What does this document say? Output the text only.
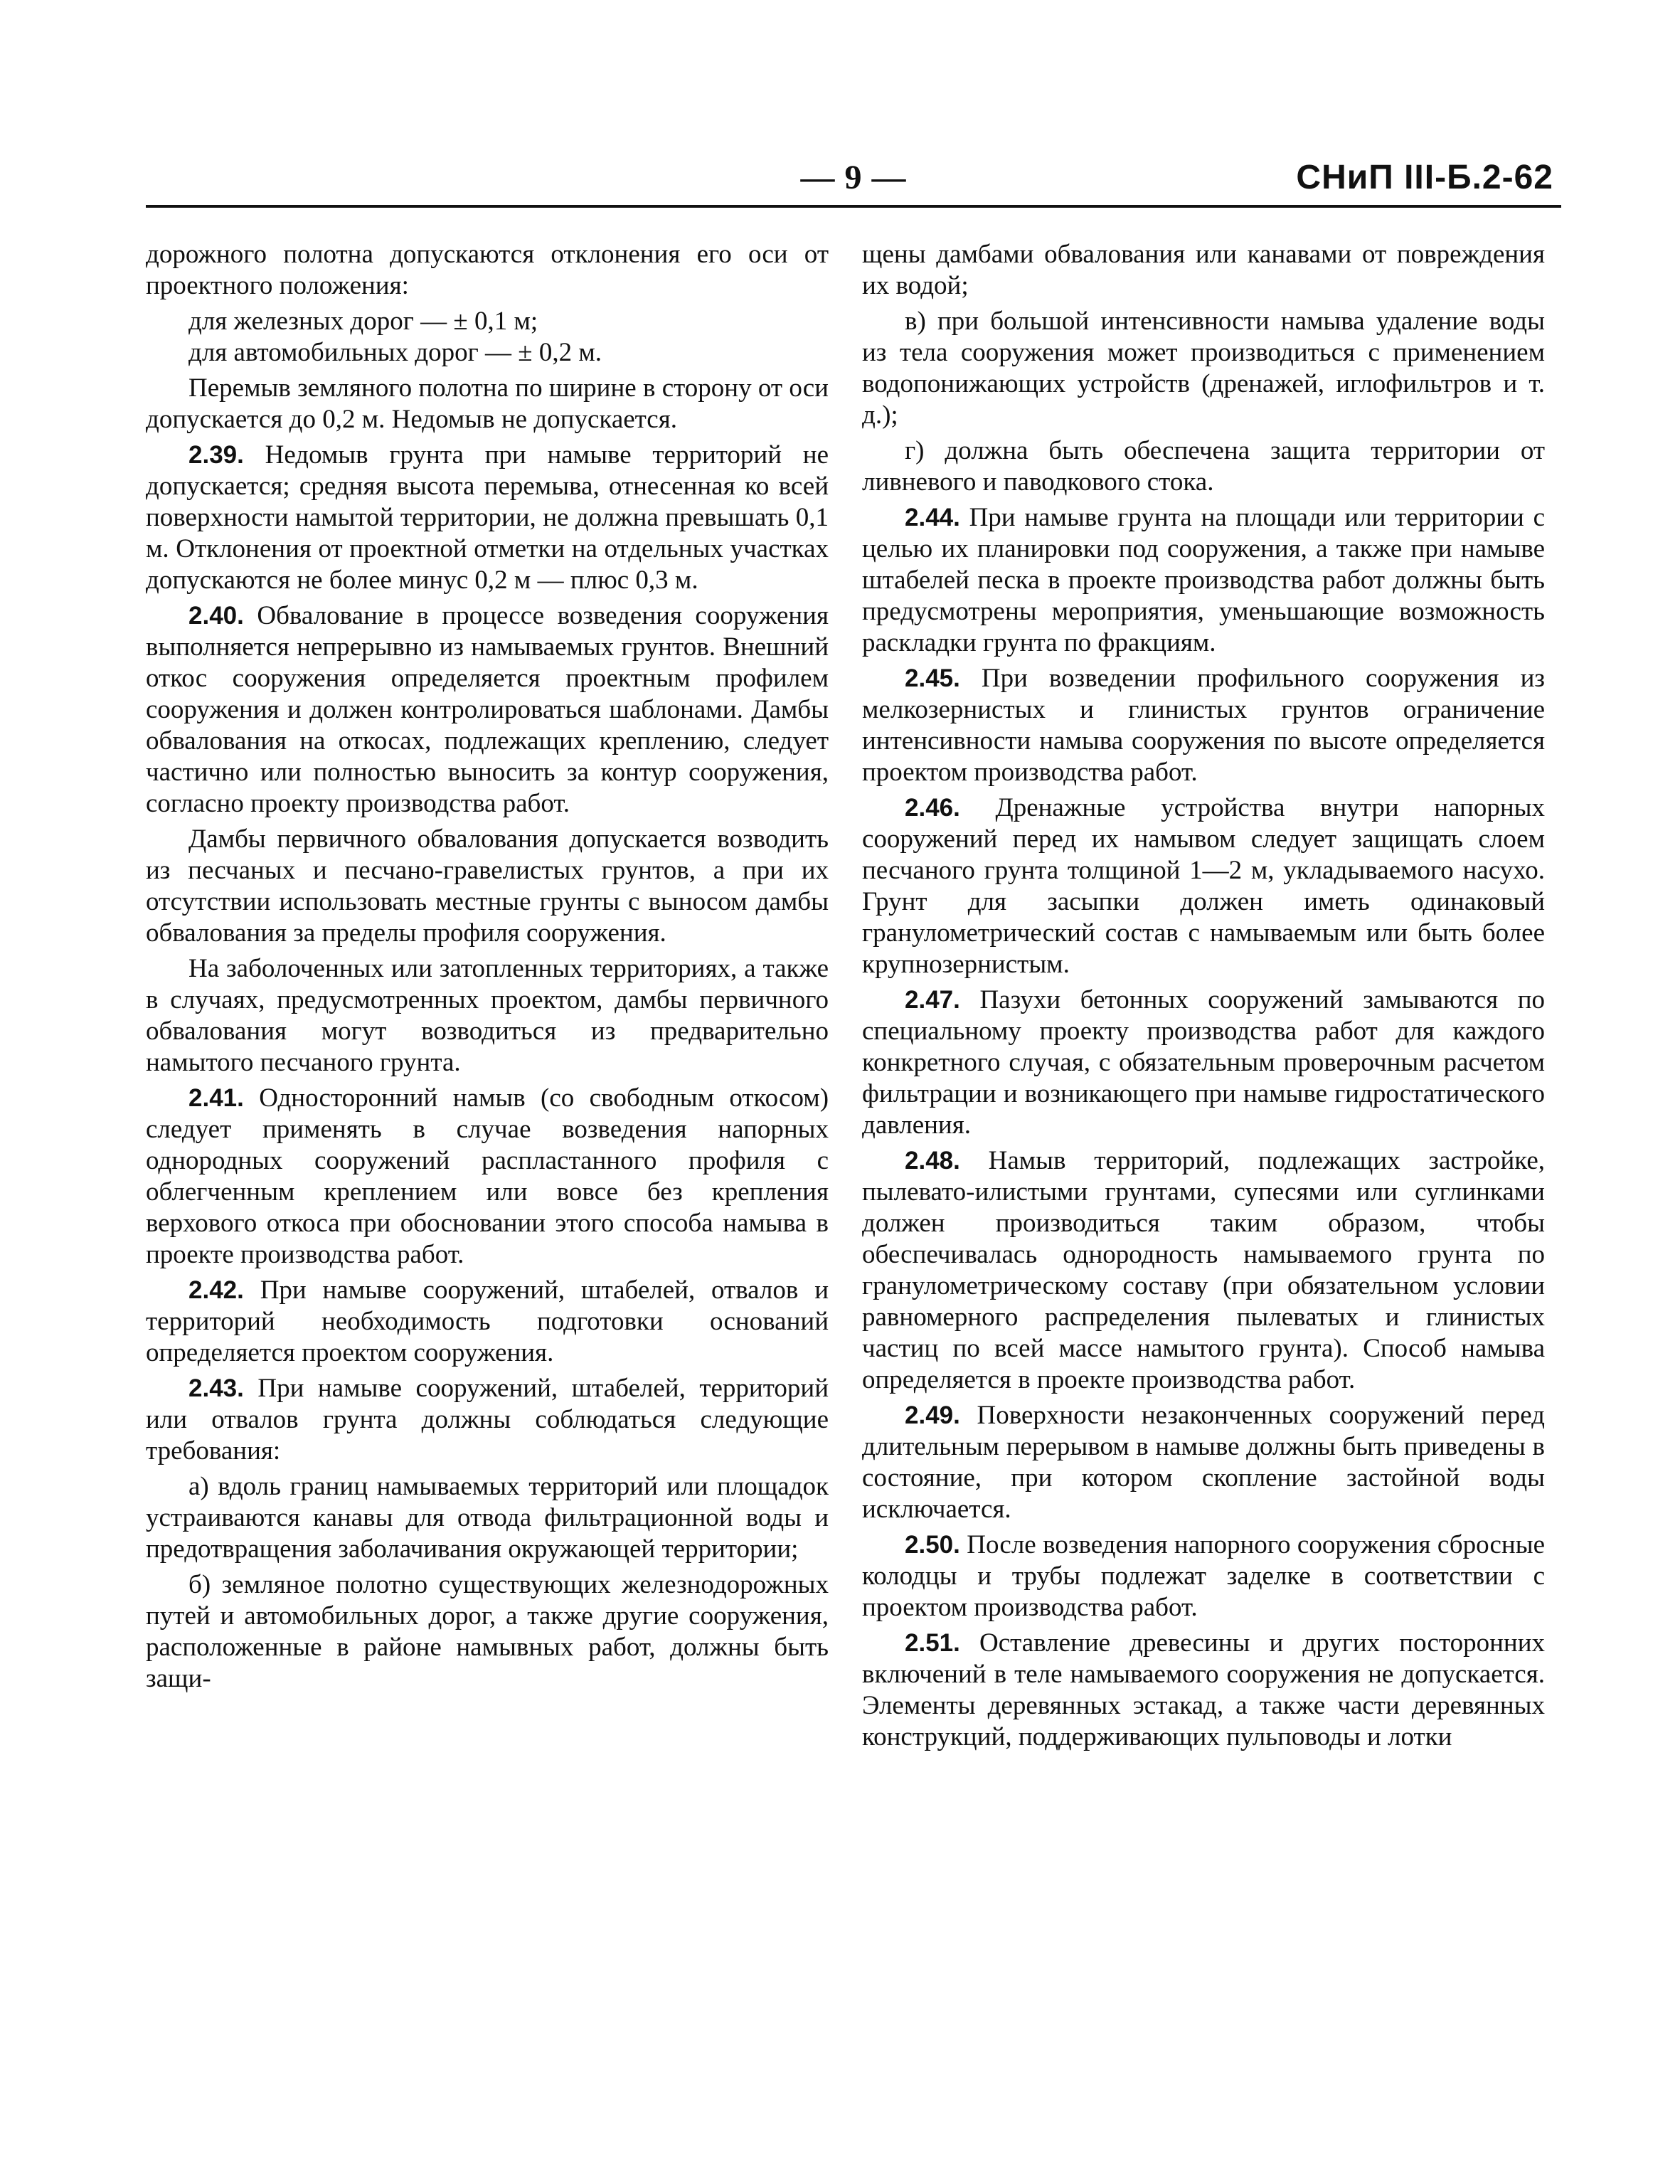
— 9 —	СНиП III-Б.2-62

дорожного полотна допускаются отклонения его оси от проектного положения:

для железных дорог — ± 0,1 м;

для автомобильных дорог — ± 0,2 м.

Перемыв земляного полотна по ширине в сторону от оси допускается до 0,2 м. Недомыв не допускается.

2.39. Недомыв грунта при намыве территорий не допускается; средняя высота перемыва, отнесенная ко всей поверхности намытой территории, не должна превышать 0,1 м. Отклонения от проектной отметки на отдельных участках допускаются не более минус 0,2 м — плюс 0,3 м.

2.40. Обвалование в процессе возведения сооружения выполняется непрерывно из намываемых грунтов. Внешний откос сооружения определяется проектным профилем сооружения и должен контролироваться шаблонами. Дамбы обвалования на откосах, подлежащих креплению, следует частично или полностью выносить за контур сооружения, согласно проекту производства работ.

Дамбы первичного обвалования допускается возводить из песчаных и песчано-гравелистых грунтов, а при их отсутствии использовать местные грунты с выносом дамбы обвалования за пределы профиля сооружения.

На заболоченных или затопленных территориях, а также в случаях, предусмотренных проектом, дамбы первичного обвалования могут возводиться из предварительно намытого песчаного грунта.

2.41. Односторонний намыв (со свободным откосом) следует применять в случае возведения напорных однородных сооружений распластанного профиля с облегченным креплением или вовсе без крепления верхового откоса при обосновании этого способа намыва в проекте производства работ.

2.42. При намыве сооружений, штабелей, отвалов и территорий необходимость подготовки оснований определяется проектом сооружения.

2.43. При намыве сооружений, штабелей, территорий или отвалов грунта должны соблюдаться следующие требования:

а) вдоль границ намываемых территорий или площадок устраиваются канавы для отвода фильтрационной воды и предотвращения заболачивания окружающей территории;

б) земляное полотно существующих железнодорожных путей и автомобильных дорог, а также другие сооружения, расположенные в районе намывных работ, должны быть защи-

щены дамбами обвалования или канавами от повреждения их водой;

в) при большой интенсивности намыва удаление воды из тела сооружения может производиться с применением водопонижающих устройств (дренажей, иглофильтров и т. д.);

г) должна быть обеспечена защита территории от ливневого и паводкового стока.

2.44. При намыве грунта на площади или территории с целью их планировки под сооружения, а также при намыве штабелей песка в проекте производства работ должны быть предусмотрены мероприятия, уменьшающие возможность раскладки грунта по фракциям.

2.45. При возведении профильного сооружения из мелкозернистых и глинистых грунтов ограничение интенсивности намыва сооружения по высоте определяется проектом производства работ.

2.46. Дренажные устройства внутри напорных сооружений перед их намывом следует защищать слоем песчаного грунта толщиной 1—2 м, укладываемого насухо. Грунт для засыпки должен иметь одинаковый гранулометрический состав с намываемым или быть более крупнозернистым.

2.47. Пазухи бетонных сооружений замываются по специальному проекту производства работ для каждого конкретного случая, с обязательным проверочным расчетом фильтрации и возникающего при намыве гидростатического давления.

2.48. Намыв территорий, подлежащих застройке, пылевато-илистыми грунтами, супесями или суглинками должен производиться таким образом, чтобы обеспечивалась однородность намываемого грунта по гранулометрическому составу (при обязательном условии равномерного распределения пылеватых и глинистых частиц по всей массе намытого грунта). Способ намыва определяется в проекте производства работ.

2.49. Поверхности незаконченных сооружений перед длительным перерывом в намыве должны быть приведены в состояние, при котором скопление застойной воды исключается.

2.50. После возведения напорного сооружения сбросные колодцы и трубы подлежат заделке в соответствии с проектом производства работ.

2.51. Оставление древесины и других посторонних включений в теле намываемого сооружения не допускается. Элементы деревянных эстакад, а также части деревянных конструкций, поддерживающих пульповоды и лотки
